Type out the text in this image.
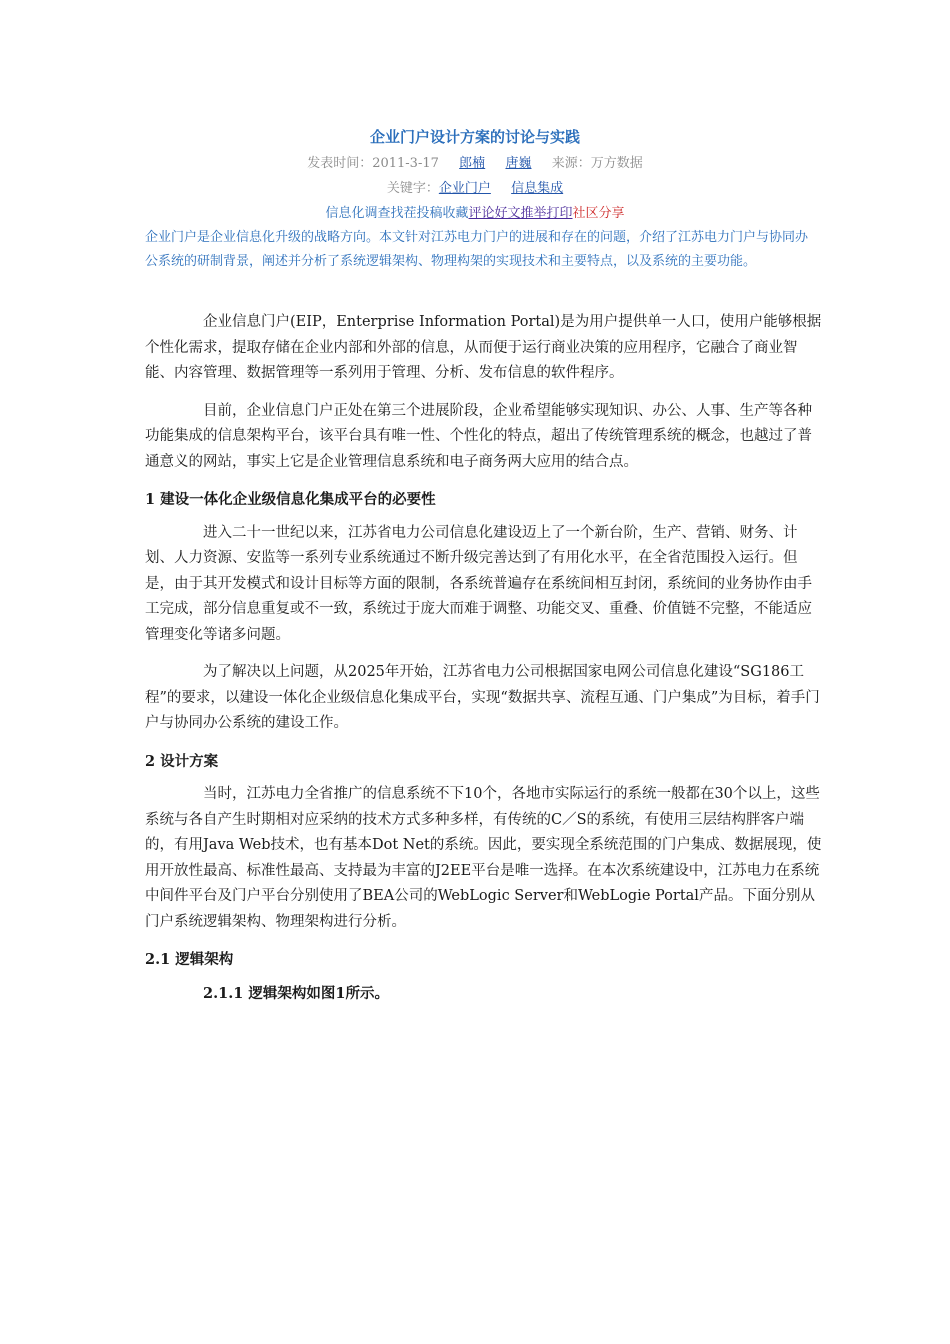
企业门户设计方案的讨论与实践
发表时间：2011-3-17 郎楠 唐巍 来源：万方数据
关键字：企业门户 信息集成
信息化调查找茬投稿收藏评论好文推举打印社区分享
企业门户是企业信息化升级的战略方向。本文针对江苏电力门户的进展和存在的问题，介绍了江苏电力门户与协同办公系统的研制背景，阐述并分析了系统逻辑架构、物理构架的实现技术和主要特点，以及系统的主要功能。

企业信息门户(EIP，Enterprise Information Portal)是为用户提供单一人口，使用户能够根据个性化需求，提取存储在企业内部和外部的信息，从而便于运行商业决策的应用程序，它融合了商业智能、内容管理、数据管理等一系列用于管理、分析、发布信息的软件程序。

目前，企业信息门户正处在第三个进展阶段，企业希望能够实现知识、办公、人事、生产等各种功能集成的信息架构平台，该平台具有唯一性、个性化的特点，超出了传统管理系统的概念，也越过了普通意义的网站，事实上它是企业管理信息系统和电子商务两大应用的结合点。

1 建设一体化企业级信息化集成平台的必要性

进入二十一世纪以来，江苏省电力公司信息化建设迈上了一个新台阶，生产、营销、财务、计划、人力资源、安监等一系列专业系统通过不断升级完善达到了有用化水平，在全省范围投入运行。但是，由于其开发模式和设计目标等方面的限制，各系统普遍存在系统间相互封闭，系统间的业务协作由手工完成，部分信息重复或不一致，系统过于庞大而难于调整、功能交叉、重叠、价值链不完整，不能适应管理变化等诸多问题。

为了解决以上问题，从2025年开始，江苏省电力公司根据国家电网公司信息化建设“SG186工程”的要求，以建设一体化企业级信息化集成平台，实现“数据共享、流程互通、门户集成”为目标，着手门户与协同办公系统的建设工作。

2 设计方案

当时，江苏电力全省推广的信息系统不下10个，各地市实际运行的系统一般都在30个以上，这些系统与各自产生时期相对应采纳的技术方式多种多样，有传统的C／S的系统，有使用三层结构胖客户端的，有用Java Web技术，也有基本Dot Net的系统。因此，要实现全系统范围的门户集成、数据展现，使用开放性最高、标准性最高、支持最为丰富的J2EE平台是唯一选择。在本次系统建设中，江苏电力在系统中间件平台及门户平台分别使用了BEA公司的WebLogic Server和WebLogie Portal产品。下面分别从门户系统逻辑架构、物理架构进行分析。

2.1 逻辑架构
2.1.1 逻辑架构如图1所示。
